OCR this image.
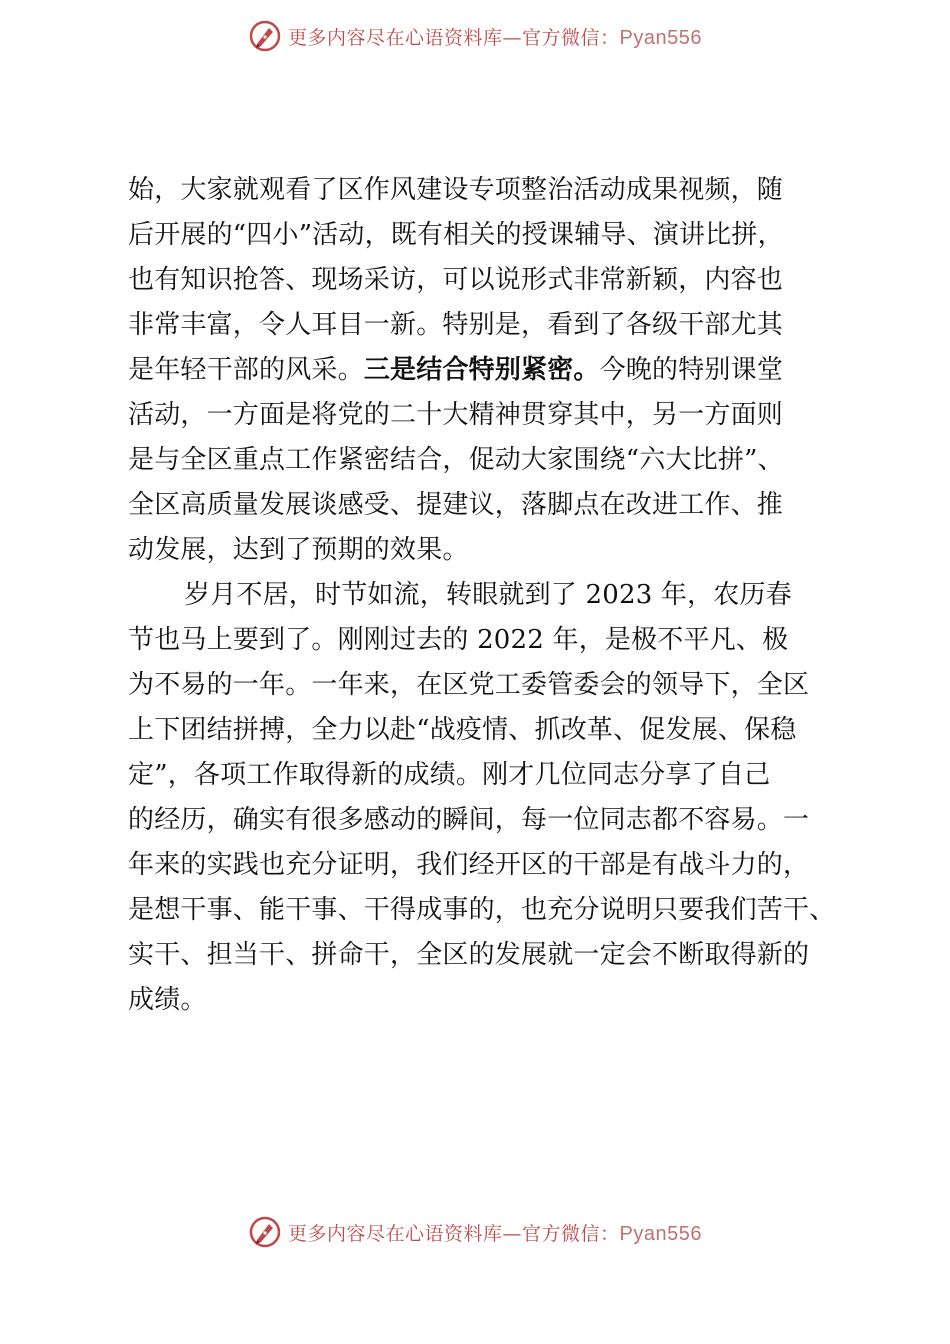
更多内容尽在心语资料库—官方微信：Pyan556
始，大家就观看了区作风建设专项整治活动成果视频，随
后开展的“四小”活动，既有相关的授课辅导、演讲比拼，
也有知识抢答、现场采访，可以说形式非常新颖，内容也
非常丰富，令人耳目一新。特别是，看到了各级干部尤其
是年轻干部的风采。三是结合特别紧密。今晚的特别课堂
活动，一方面是将党的二十大精神贯穿其中，另一方面则
是与全区重点工作紧密结合，促动大家围绕“六大比拼”、
全区高质量发展谈感受、提建议，落脚点在改进工作、推
动发展，达到了预期的效果。
岁月不居，时节如流，转眼就到了 2023 年，农历春
节也马上要到了。刚刚过去的 2022 年，是极不平凡、极
为不易的一年。一年来，在区党工委管委会的领导下，全区
上下团结拼搏，全力以赴“战疫情、抓改革、促发展、保稳
定”，各项工作取得新的成绩。刚才几位同志分享了自己
的经历，确实有很多感动的瞬间，每一位同志都不容易。一
年来的实践也充分证明，我们经开区的干部是有战斗力的，
是想干事、能干事、干得成事的，也充分说明只要我们苦干、
实干、担当干、拼命干，全区的发展就一定会不断取得新的
成绩。
更多内容尽在心语资料库—官方微信：Pyan556
